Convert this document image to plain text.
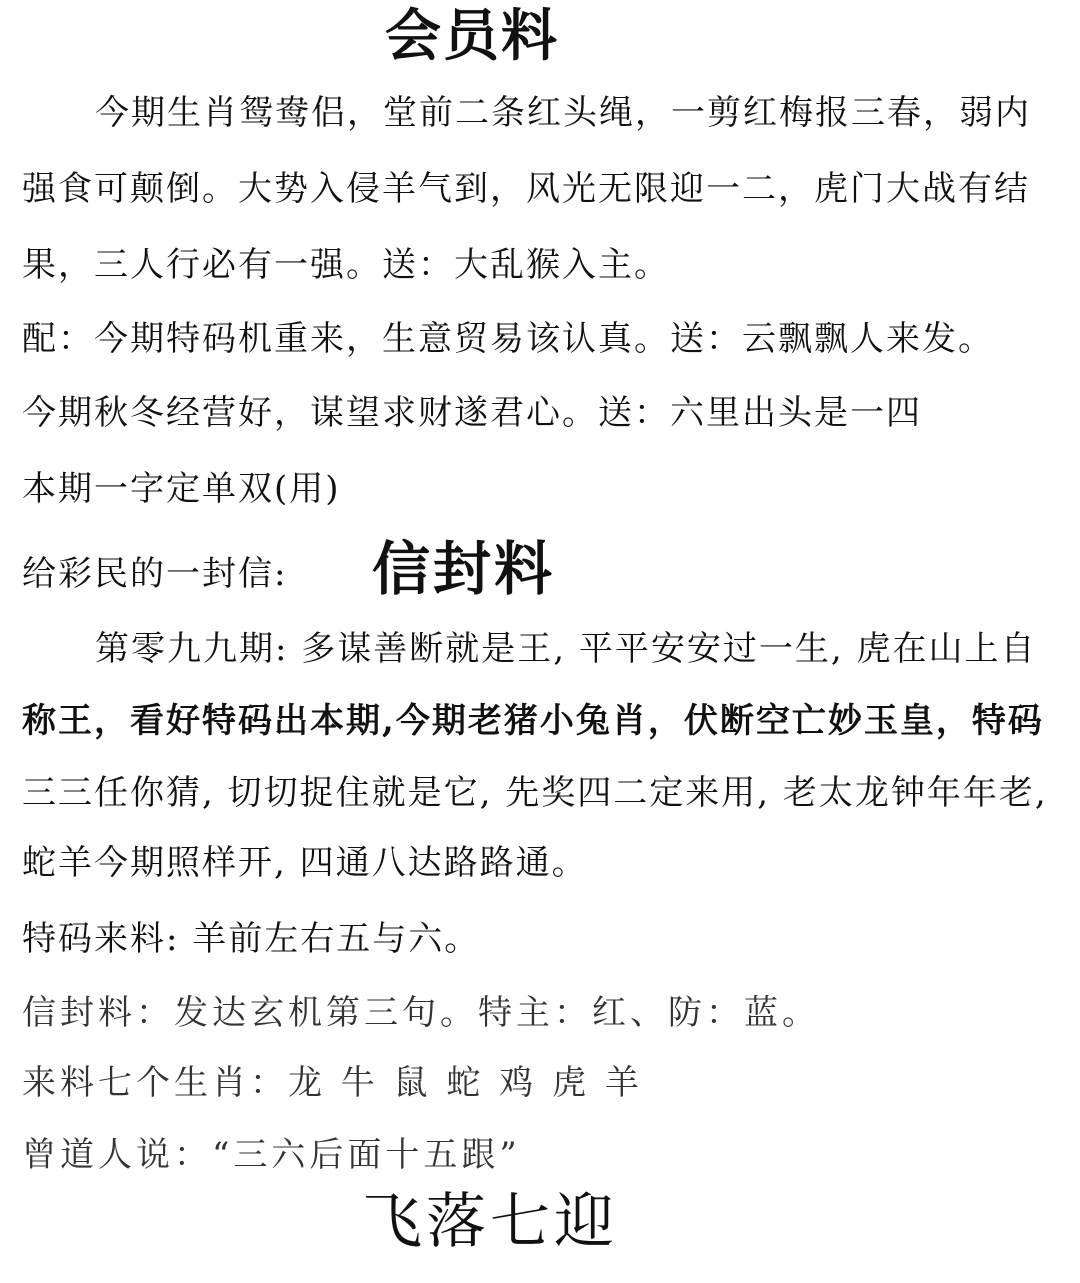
会员料
今期生肖鸳鸯侣，堂前二条红头绳，一剪红梅报三春，弱内
强食可颠倒。大势入侵羊气到，风光无限迎一二，虎门大战有结
果，三人行必有一强。送：大乱猴入主。
配：今期特码机重来，生意贸易该认真。送：云飘飘人来发。
今期秋冬经营好，谋望求财遂君心。送：六里出头是一四
本期一字定单双(用)
给彩民的一封信: 信封料
第零九九期: 多谋善断就是王, 平平安安过一生, 虎在山上自
称王，看好特码出本期,今期老猪小兔肖，伏断空亡妙玉皇，特码
三三任你猜, 切切捉住就是它, 先奖四二定来用, 老太龙钟年年老,
蛇羊今期照样开, 四通八达路路通。
特码来料: 羊前左右五与六。
信封料：发达玄机第三句。特主：红、防：蓝。
来料七个生肖：龙 牛 鼠 蛇 鸡 虎 羊
曾道人说：“三六后面十五跟”
飞落七迎
